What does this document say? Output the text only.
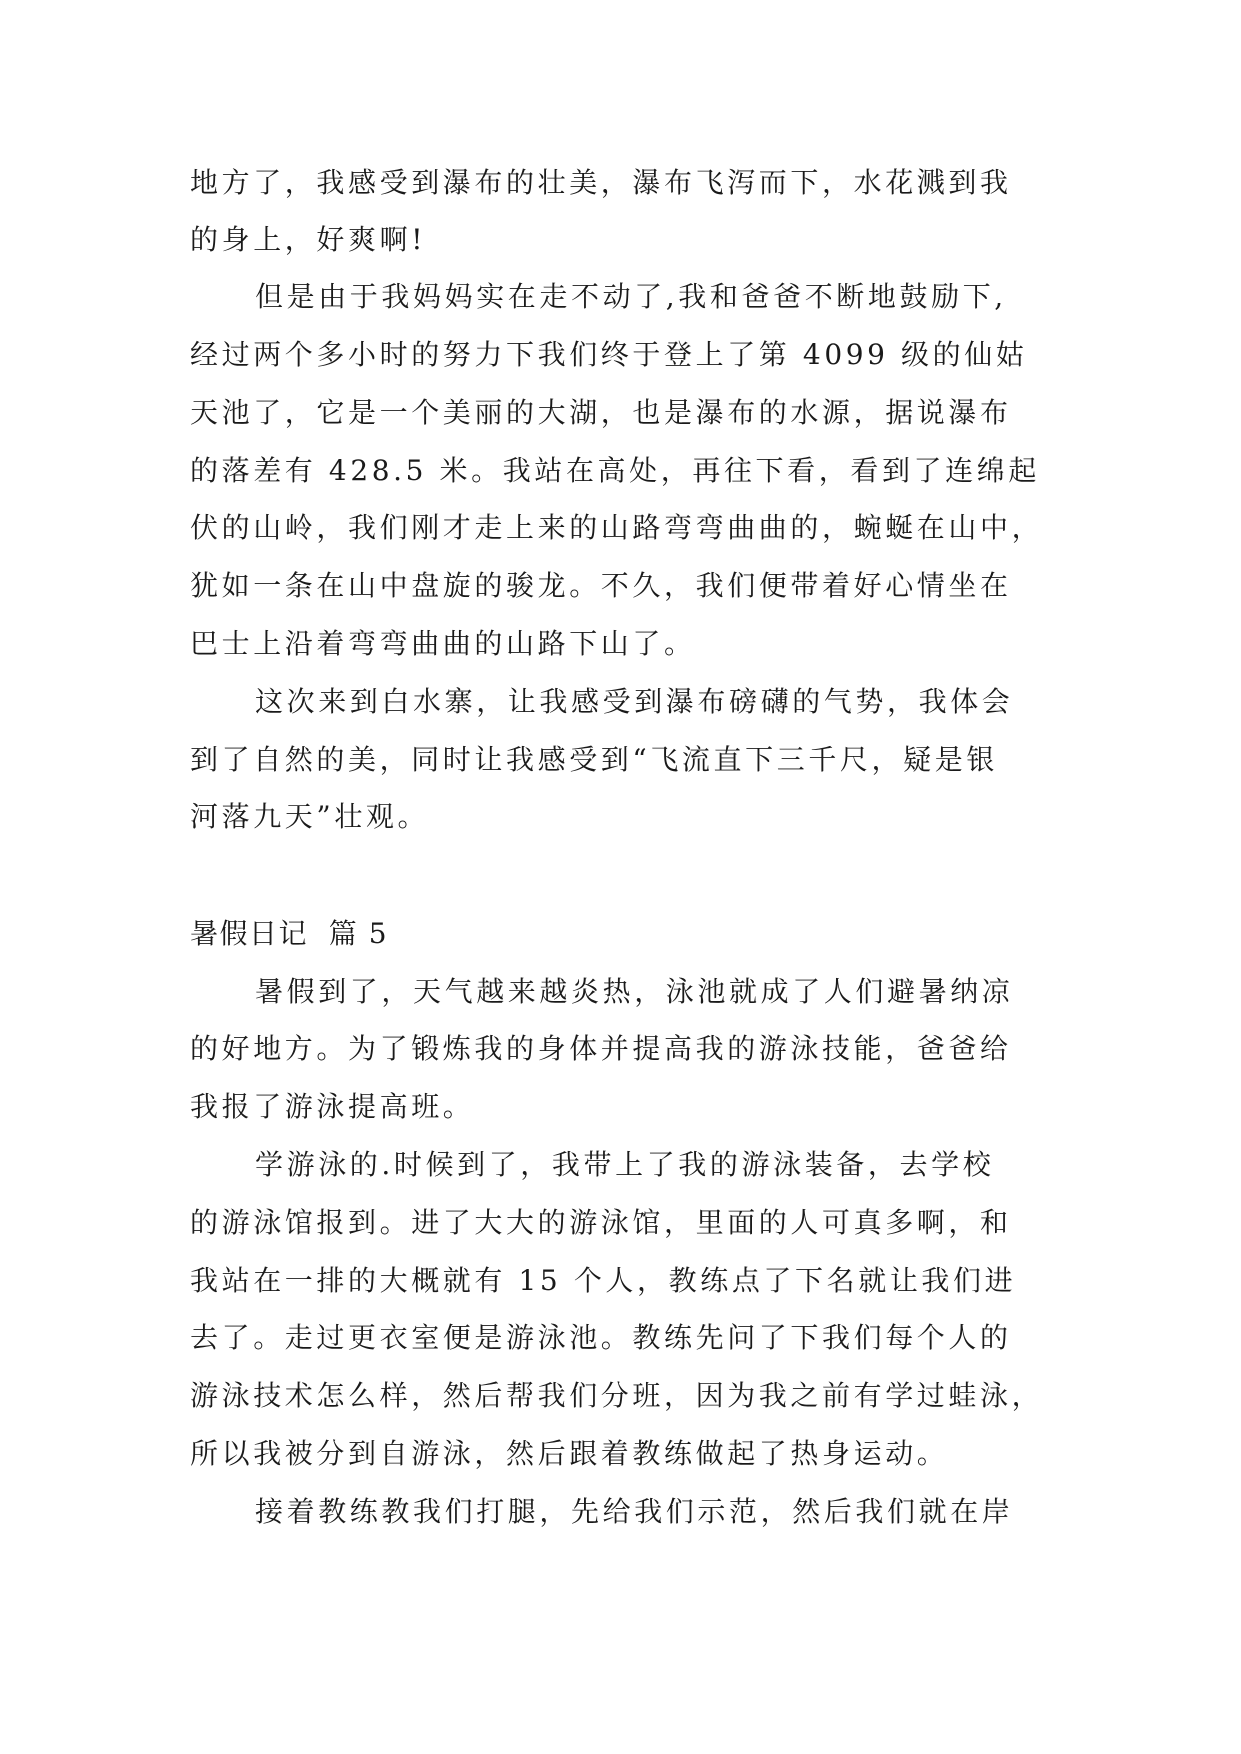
地方了，我感受到瀑布的壮美，瀑布飞泻而下，水花溅到我
的身上，好爽啊!
但是由于我妈妈实在走不动了,我和爸爸不断地鼓励下,
经过两个多小时的努力下我们终于登上了第 4099 级的仙姑
天池了，它是一个美丽的大湖，也是瀑布的水源，据说瀑布
的落差有 428.5 米。我站在高处，再往下看，看到了连绵起
伏的山岭，我们刚才走上来的山路弯弯曲曲的，蜿蜒在山中，
犹如一条在山中盘旋的骏龙。不久，我们便带着好心情坐在
巴士上沿着弯弯曲曲的山路下山了。
这次来到白水寨，让我感受到瀑布磅礴的气势，我体会
到了自然的美，同时让我感受到“飞流直下三千尺，疑是银
河落九天”壮观。
暑假日记  篇 5
暑假到了，天气越来越炎热，泳池就成了人们避暑纳凉
的好地方。为了锻炼我的身体并提高我的游泳技能，爸爸给
我报了游泳提高班。
学游泳的.时候到了，我带上了我的游泳装备，去学校
的游泳馆报到。进了大大的游泳馆，里面的人可真多啊，和
我站在一排的大概就有 15 个人，教练点了下名就让我们进
去了。走过更衣室便是游泳池。教练先问了下我们每个人的
游泳技术怎么样，然后帮我们分班，因为我之前有学过蛙泳，
所以我被分到自游泳，然后跟着教练做起了热身运动。
接着教练教我们打腿，先给我们示范，然后我们就在岸
